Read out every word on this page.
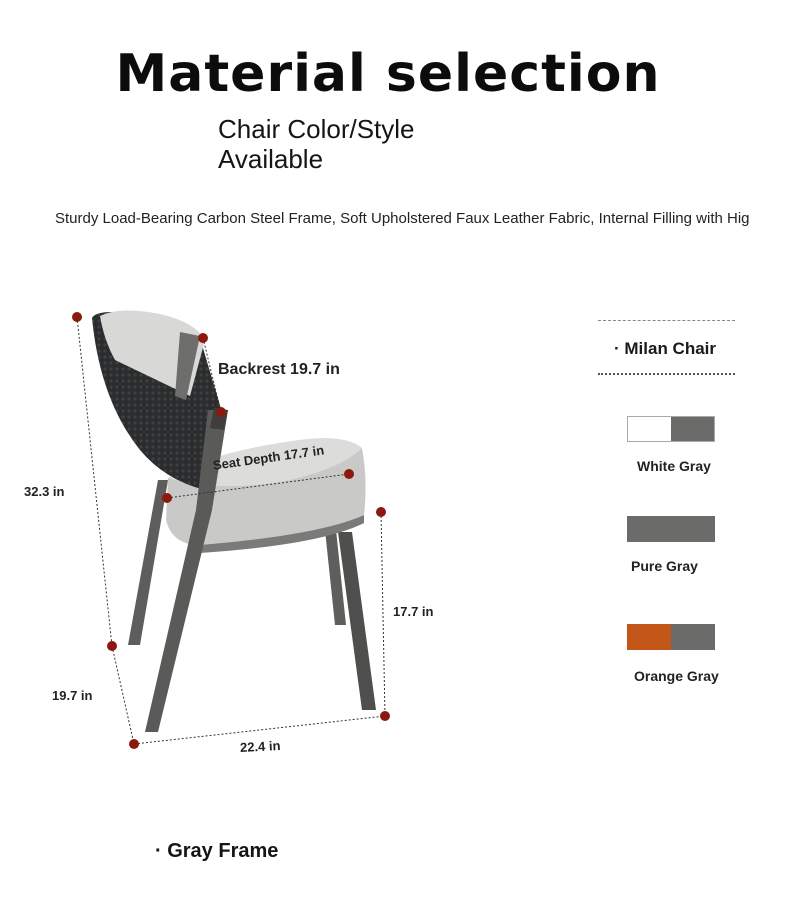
Material selection
Chair Color/Style
Available
Sturdy Load-Bearing Carbon Steel Frame, Soft Upholstered Faux Leather Fabric, Internal Filling with Hig
Backrest 19.7 in
Seat Depth 17.7 in
32.3 in
19.7 in
22.4 in
17.7 in
· Milan Chair
White Gray
Pure Gray
Orange Gray
· Gray Frame
